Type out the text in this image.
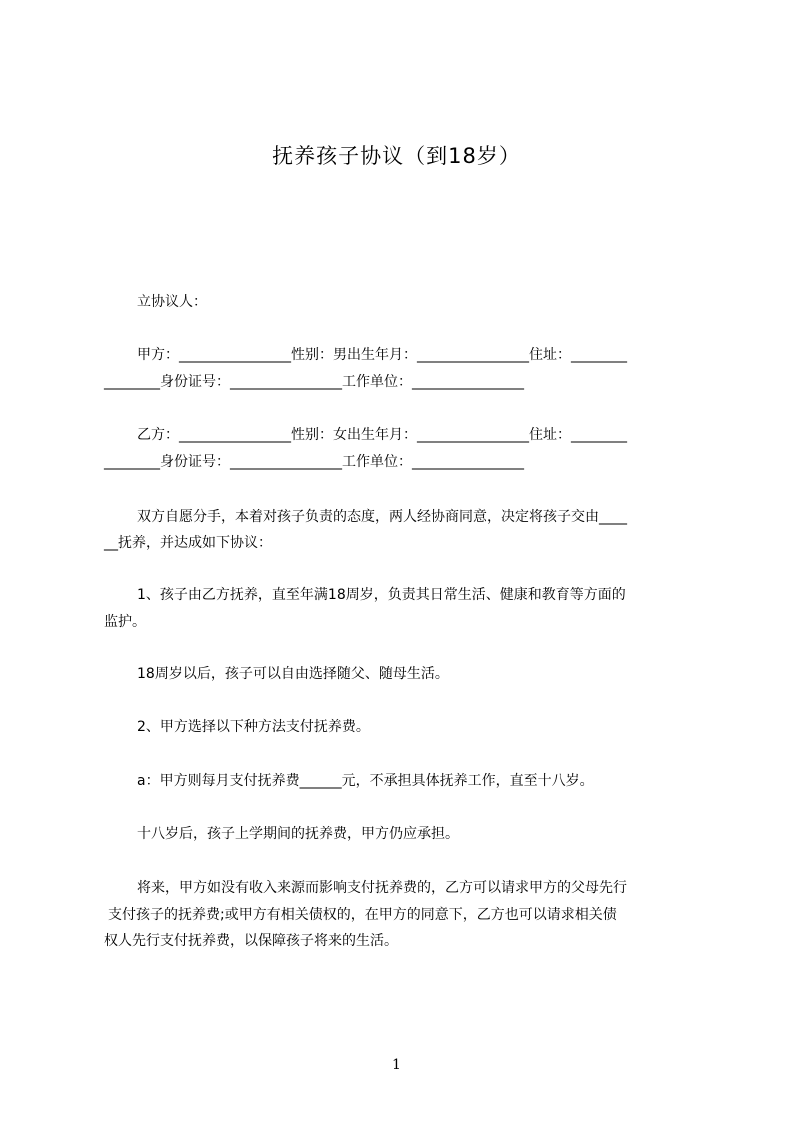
抚养孩子协议（到18岁）
立协议人：
甲方：________________性别：男出生年月：________________住址：________
________身份证号：________________工作单位：________________
乙方：________________性别：女出生年月：________________住址：________
________身份证号：________________工作单位：________________
双方自愿分手，本着对孩子负责的态度，两人经协商同意，决定将孩子交由____
__抚养，并达成如下协议：
1、孩子由乙方抚养，直至年满18周岁，负责其日常生活、健康和教育等方面的
监护。
18周岁以后，孩子可以自由选择随父、随母生活。
2、甲方选择以下种方法支付抚养费。
a：甲方则每月支付抚养费______元，不承担具体抚养工作，直至十八岁。
十八岁后，孩子上学期间的抚养费，甲方仍应承担。
将来，甲方如没有收入来源而影响支付抚养费的，乙方可以请求甲方的父母先行
支付孩子的抚养费;或甲方有相关债权的，在甲方的同意下，乙方也可以请求相关债
权人先行支付抚养费，以保障孩子将来的生活。
1
